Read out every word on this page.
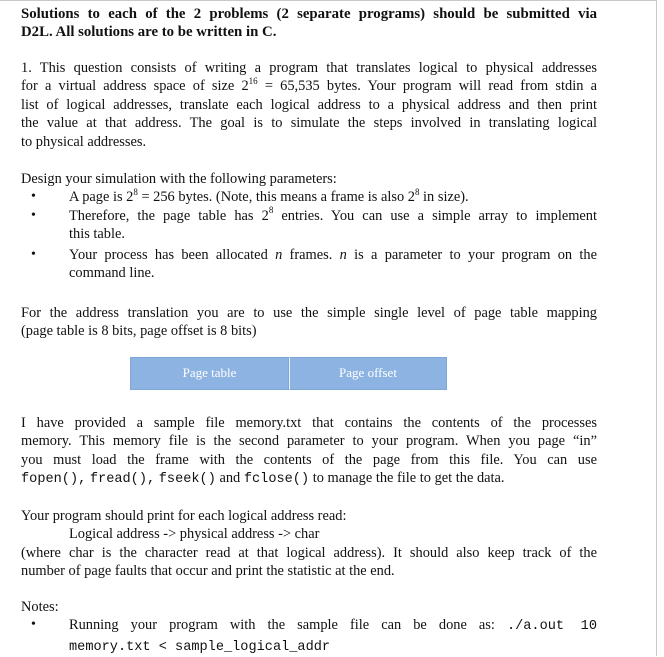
Solutions to each of the 2 problems (2 separate programs) should be submitted via
D2L. All solutions are to be written in C.
1. This question consists of writing a program that translates logical to physical addresses
for a virtual address space of size $2^{16} = 65,535$ bytes. Your program will read from stdin a
list of logical addresses, translate each logical address to a physical address and then print
the value at that address. The goal is to simulate the steps involved in translating logical
to physical addresses.
Design your simulation with the following parameters:
• A page is $2^8 = 256$ bytes. (Note, this means a frame is also $2^8$ in size).
• Therefore, the page table has $2^8$ entries. You can use a simple array to implement
this table.
• Your process has been allocated n frames. n is a parameter to your program on the
command line.
For the address translation you are to use the simple single level of page table mapping
(page table is 8 bits, page offset is 8 bits)
Page table	Page offset
I have provided a sample file memory.txt that contains the contents of the processes
memory. This memory file is the second parameter to your program. When you page “in”
you must load the frame with the contents of the page from this file. You can use
fopen(), fread(), fseek() and fclose() to manage the file to get the data.
Your program should print for each logical address read:
Logical address -> physical address -> char
(where char is the character read at that logical address). It should also keep track of the
number of page faults that occur and print the statistic at the end.
Notes:
• Running your program with the sample file can be done as: ./a.out 10
memory.txt < sample_logical_addr
